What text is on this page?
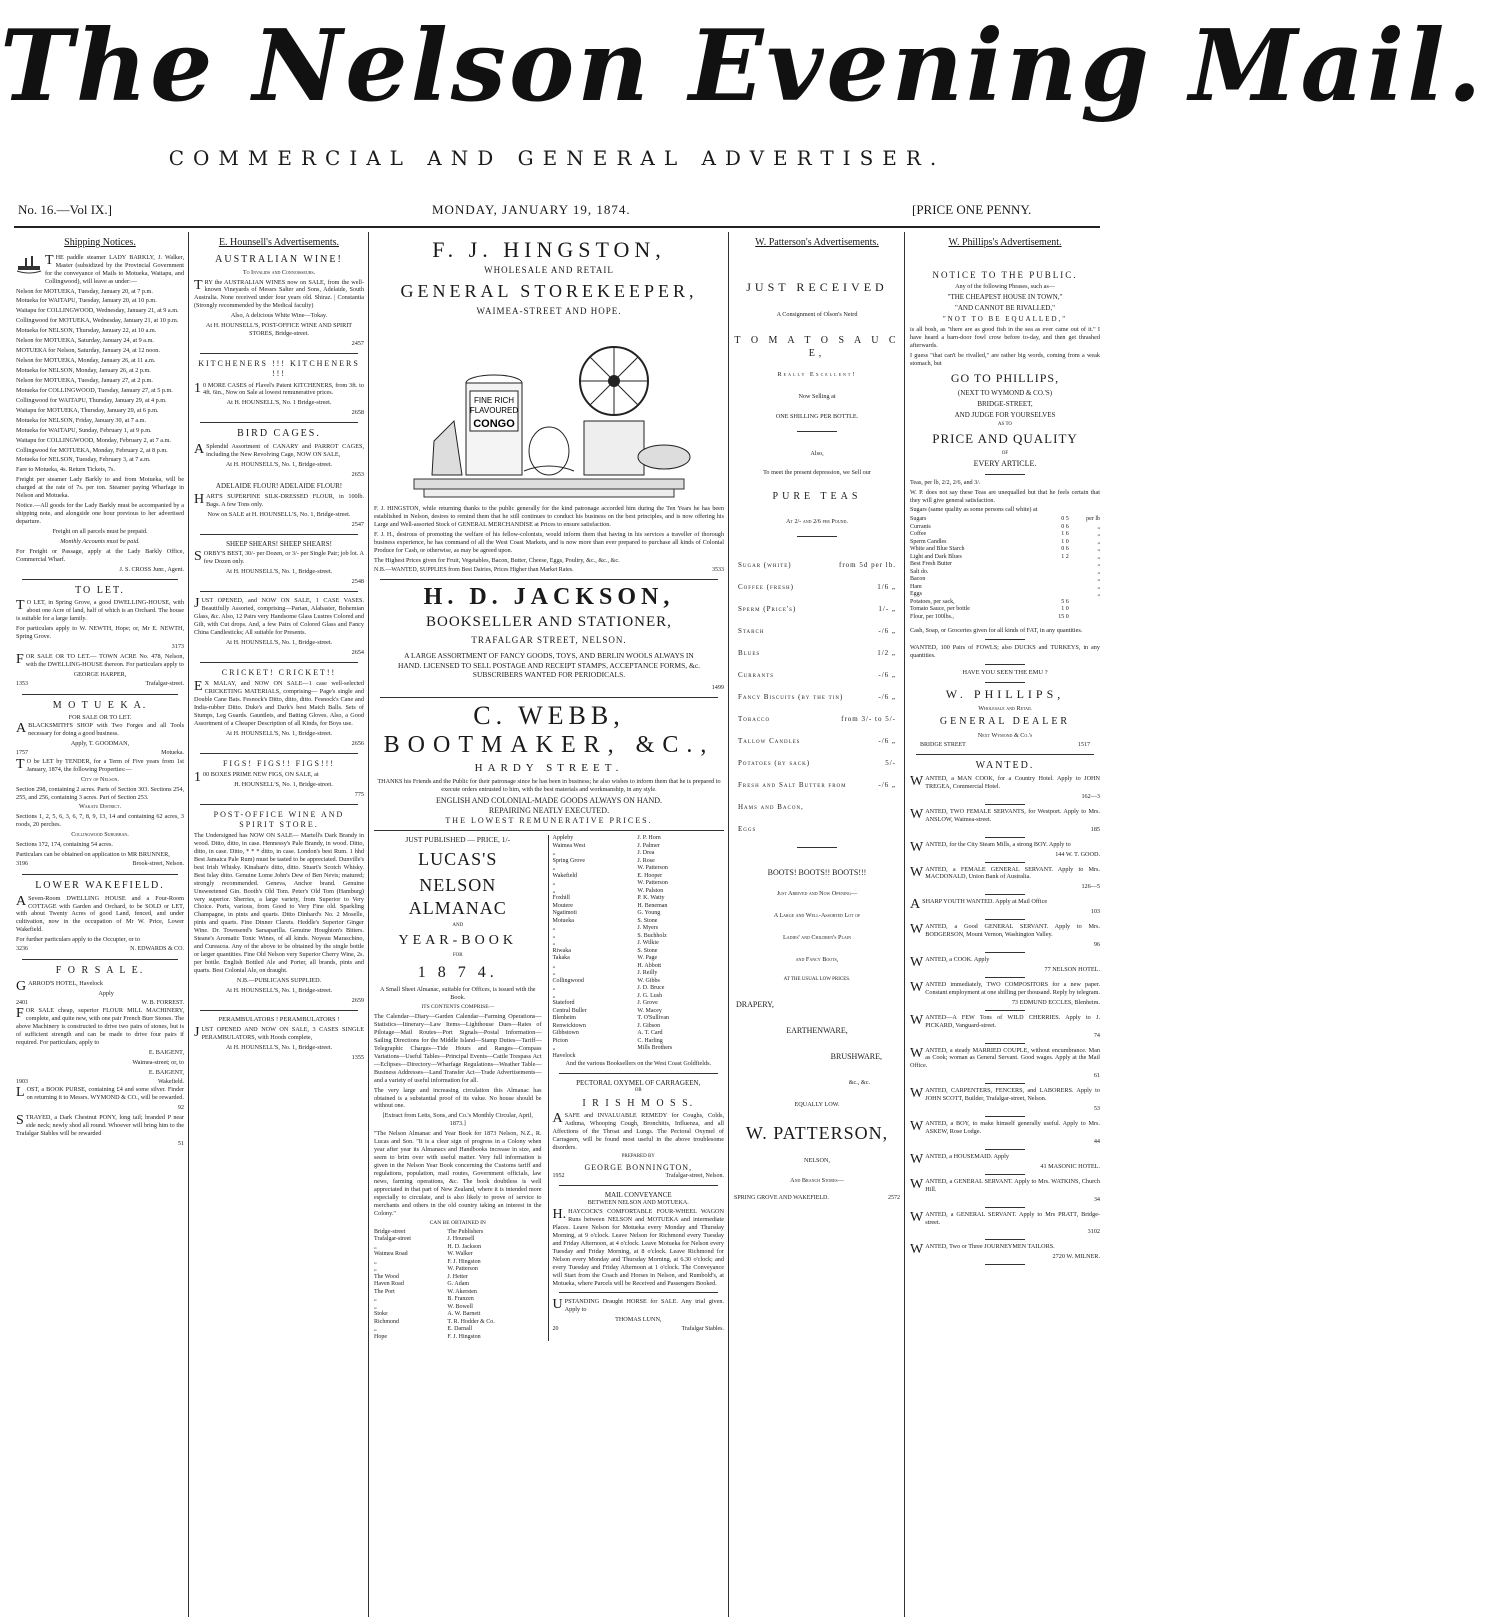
The Nelson Evening Mail.
COMMERCIAL AND GENERAL ADVERTISER.
No. 16.—Vol IX.]	MONDAY, JANUARY 19, 1874.	[PRICE ONE PENNY.
Shipping Notices.

THE paddle steamer LADY BARKLY, J. Walker, Master (subsidized by the Provincial Government for the conveyance of Mails to Motueka, Waitapu, and Collingwood), will leave as under:—

Nelson for MOTUEKA, Tuesday, January 20, at 7 p.m.

Motueka for WAITAPU, Tuesday, January 20, at 10 p.m.

Waitapu for COLLINGWOOD, Wednesday, January 21, at 9 a.m.

Collingwood for MOTUEKA, Wednesday, January 21, at 10 p.m.

Motueka for NELSON, Thursday, January 22, at 10 a.m.

Nelson for MOTUEKA, Saturday, January 24, at 9 a.m.

MOTUEKA for Nelson, Saturday, January 24, at 12 noon.

Nelson for MOTUEKA, Monday, January 26, at 11 a.m.

Motueka for NELSON, Monday, January 26, at 2 p.m.

Nelson for MOTUEKA, Tuesday, January 27, at 2 p.m.

Motueka for COLLINGWOOD, Tuesday, January 27, at 5 p.m.

Collingwood for WAITAPU, Thursday, January 29, at 4 p.m.

Waitapu for MOTUEKA, Thursday, January 29, at 6 p.m.

Motueka for NELSON, Friday, January 30, at 7 a.m.

Motueka for WAITAPU, Sunday, February 1, at 9 p.m.

Waitapu for COLLINGWOOD, Monday, February 2, at 7 a.m.

Collingwood for MOTUEKA, Monday, February 2, at 8 p.m.

Motueka for NELSON, Tuesday, February 3, at 7 a.m.

Fare to Motueka, 4s. Return Tickets, 7s.

Freight per steamer Lady Barkly to and from Motueka, will be charged at the rate of 7s. per ton. Steamer paying Wharfage in Nelson and Motueka.

Notice.—All goods for the Lady Barkly must be accompanied by a shipping note, and alongside one hour previous to her advertised departure.

Freight on all parcels must be prepaid.

Monthly Accounts must be paid.

For Freight or Passage, apply at the Lady Barkly Office, Commercial Wharf.

J. S. CROSS Junr., Agent.

TO LET.

TO LET, in Spring Grove, a good DWELLING-HOUSE, with about one Acre of land, half of which is an Orchard. The house is suitable for a large family.

For particulars apply to W. NEWTH, Hope; or, Mr E. NEWTH, Spring Grove.

3173

FOR SALE OR TO LET.— TOWN ACRE No. 478, Nelson, with the DWELLING-HOUSE thereon. For particulars apply to

GEORGE HARPER,

1353	Trafalgar-street.
M O T U E K A.
FOR SALE OR TO LET.

ABLACKSMITH'S SHOP with Two Forges and all Tools necessary for doing a good business.

Apply, T. GOODMAN,

1757	Motueka.

TO be LET by TENDER, for a Term of Five years from 1st January, 1874, the following Properties:—

City of Nelson.

Section 298, containing 2 acres. Parts of Section 303. Sections 254, 255, and 256, containing 3 acres. Part of Section 253.

Wakatu District.

Sections 1, 2, 5, 6, 3, 6, 7, 8, 9, 13, 14 and containing 62 acres, 3 roods, 20 perches.

Collingwood Suburban.

Sections 172, 174, containing 54 acres.

Particulars can be obtained on application to MR BRUNNER,

3196	Brook-street, Nelson.
LOWER WAKEFIELD.

ASeven-Room DWELLING HOUSE and a Four-Room COTTAGE with Garden and Orchard, to be SOLD or LET, with about Twenty Acres of good Land, fenced, and under cultivation, now in the occupation of Mr W. Price, Lower Wakefield.

For further particulars apply to the Occupier, or to

3236	N. EDWARDS & CO.
F O R S A L E.

GARROD'S HOTEL, Havelock

Apply

2401	W. B. FORREST.

FOR SALE cheap, superior FLOUR MILL MACHINERY, complete, and quite new, with one pair French Burr Stones. The above Machinery is constructed to drive two pairs of stones, but is of sufficient strength and can be made to drive four pairs if required. For particulars, apply to

E. BAIGENT,

Waimea-street; or, to

E. BAIGENT,

1903	Wakefield.

LOST, a BOOK PURSE, containing £4 and some silver. Finder on returning it to Messrs. WYMOND & CO., will be rewarded.

92

STRAYED, a Dark Chestnut PONY, long tail; branded P near side neck; newly shod all round. Whoever will bring him to the Trafalgar Stables will be rewarded

51

E. Hounsell's Advertisements.
AUSTRALIAN WINE!

To Invalids and Connoisseurs.

TRY the AUSTRALIAN WINES now on SALE, from the well-known Vineyards of Messrs Salter and Sons, Adelaide, South Australia. None received under four years old. Shiraz. | Constantia (Strongly recommended by the Medical faculty)

Also, A delicious White Wine—Tokay.

At H. HOUNSELL'S, POST-OFFICE WINE AND SPIRIT STORES, Bridge-street.

2457

KITCHENERS !!! KITCHENERS !!!

10 MORE CASES of Flavel's Patent KITCHENERS, from 3ft. to 4ft. 6in., Now on Sale at lowest remunerative prices.

At H. HOUNSELL'S, No. 1 Bridge-street.

2658

BIRD CAGES.

ASplendid Assortment of CANARY and PARROT CAGES, including the New Revolving Cage, NOW ON SALE,

At H. HOUNSELL'S, No. 1, Bridge-street.

2653

ADELAIDE FLOUR! ADELAIDE FLOUR!

HART'S SUPERFINE SILK-DRESSED FLOUR, in 100lb. Bags. A few Tons only.

Now on SALE at H. HOUNSELL'S, No. 1, Bridge-street.

2547

SHEEP SHEARS! SHEEP SHEARS!

SORBY'S BEST, 30/- per Dozen, or 3/- per Single Pair; job lot. A few Dozen only.

At H. HOUNSELL'S, No. 1, Bridge-street.

2548

JUST OPENED, and NOW ON SALE, 1 CASE VASES. Beautifully Assorted, comprising—Parian, Alabaster, Bohemian Glass, &c. Also, 12 Pairs very Handsome Glass Lustres Colored and Gilt, with Cut drops. And, a few Pairs of Colored Glass and Fancy China Candlesticks; All suitable for Presents.

At H. HOUNSELL'S, No. 1, Bridge-street.

2654

CRICKET! CRICKET!!

EX MALAY, and NOW ON SALE—1 case well-selected CRICKETING MATERIALS, comprising— Page's single and Double Cane Bats. Fesnock's Ditto, ditto, ditto. Fesnock's Cane and India-rubber Ditto. Duke's and Dark's best Match Balls. Sets of Stumps, Leg Guards. Gauntlets, and Batting Gloves. Also, a Good Assortment of a Cheaper Description of all Kinds, for Boys use.

At H. HOUNSELL'S, No. 1, Bridge-street.

2656

FIGS! FIGS!! FIGS!!!

100 BOXES PRIME NEW FIGS, ON SALE, at

H. HOUNSELL'S, No. 1, Bridge-street.

775

POST-OFFICE WINE AND SPIRIT STORE.

The Undersigned has NOW ON SALE— Martell's Dark Brandy in wood. Ditto, ditto, in case. Hennessy's Pale Brandy, in wood. Ditto, ditto, in case. Ditto, * * * ditto, in case. London's best Rum. 1 hhd Best Jamaica Pale Rum) must be tasted to be appreciated. Dunville's best Irish Whisky. Kinahan's ditto, ditto. Stuart's Scotch Whisky. Best Islay ditto. Genuine Lome John's Dew of Ben Nevis; matured; strongly recommended. Geneva, Anchor brand. Genuine Unsweetened Gin. Booth's Old Tom. Peter's Old Tom (Hamburg) very superior. Sherries, a large variety, from Superior to Very Choice. Ports, various, from Good to Very Fine old. Sparkling Champagne, in pints and quarts. Ditto Dinhard's No. 2 Moselle, pints and quarts. Fine Dinner Clarets. Heddle's Superior Ginger Wine. Dr. Townsend's Sarsaparilla. Genuine Houghton's Bitters. Steane's Aromatic Tonic Wines, of all kinds. Noyeau Maraschino, and Cureacoa. Any of the above to be obtained by the single bottle or larger quantities. Fine Old Nelson very Superior Cherry Wine, 2s. per bottle. English Bottled Ale and Porter, all brands, pints and quarts. Best Colonial Ale, on draught.

N.B.—PUBLICANS SUPPLIED.

At H. HOUNSELL'S, No. 1, Bridge-street.

2659

PERAMBULATORS ! PERAMBULATORS !

JUST OPENED AND NOW ON SALE, 3 CASES SINGLE PERAMBULATORS, with Hoods complete,

At H. HOUNSELL'S, No. 1, Bridge-street.

1355

F. J. HINGSTON,
WHOLESALE AND RETAIL
GENERAL STOREKEEPER,
WAIMEA-STREET AND HOPE.
FINE RICH
FLAVOURED
CONGO

F. J. HINGSTON, while returning thanks to the public generally for the kind patronage accorded him during the Ten Years he has been established in Nelson, desires to remind them that he still continues to conduct his business on the best principles, and is now offering his Large and Well-assorted Stock of GENERAL MERCHANDISE at Prices to ensure satisfaction.

F. J. H., desirous of promoting the welfare of his fellow-colonists, would inform them that having in his services a traveller of thorough business experience, he has command of all the West Coast Markets, and is now more than ever prepared to purchase all kinds of Colonial Produce for Cash, or otherwise, as may be agreed upon.

The Highest Prices given for Fruit, Vegetables, Bacon, Butter, Cheese, Eggs, Poultry, &c., &c., &c.

N.B.—WANTED, SUPPLIES from Best Dairies, Prices Higher than Market Rates.	3533
H. D. JACKSON,
BOOKSELLER AND STATIONER,
TRAFALGAR STREET, NELSON.

A LARGE ASSORTMENT OF FANCY GOODS, TOYS, AND BERLIN WOOLS ALWAYS IN HAND. LICENSED TO SELL POSTAGE AND RECEIPT STAMPS, ACCEPTANCE FORMS, &c. SUBSCRIBERS WANTED FOR PERIODICALS.

1499

C. WEBB,
BOOTMAKER, &C.,
HARDY STREET.

THANKS his Friends and the Public for their patronage since he has been in business; he also wishes to inform them that he is prepared to execute orders entrusted to him, with the best materials and workmanship, in any style.

ENGLISH AND COLONIAL-MADE GOODS ALWAYS ON HAND.
REPAIRING NEATLY EXECUTED.
THE LOWEST REMUNERATIVE PRICES.
JUST PUBLISHED — PRICE, 1/-
LUCAS'S
NELSON ALMANAC
AND
YEAR-BOOK
FOR
1 8 7 4.

A Small Sheet Almanac, suitable for Offices, is issued with the Book.

ITS CONTENTS COMPRISE—

The Calendar—Diary—Garden Calendar—Farming Operations—Statistics—Itinerary—Law Items—Lighthouse Dues—Rates of Pilotage—Mail Routes—Port Signals—Postal Information—Sailing Directions for the Middle Island—Stamp Duties—Tariff—Telegraphic Charges—Tide Hours and Ranges—Compass Variations—Useful Tables—Principal Events—Cattle Trespass Act—Eclipses—Directory—Wharfage Regulations—Weather Table—Business Addresses—Land Transfer Act—Trade Advertisements—and a variety of useful information for all.

The very large and increasing circulation this Almanac has obtained is a substantial proof of its value. No house should be without one.

[Extract from Letts, Sons, and Co.'s Monthly Circular, April, 1873.]

"The Nelson Almanac and Year Book for 1873 Nelson, N.Z., R. Lucas and Son. "It is a clear sign of progress in a Colony when year after year its Almanacs and Handbooks increase in size, and seem to brim over with useful matter. Very full information is given in the Nelson Year Book concerning the Customs tariff and regulations, population, mail routes, Government officials, law news, farming operations, &c. The book doubtless is well appreciated in that part of New Zealand, where it is intended more especially to circulate, and is also likely to prove of service to merchants and others in the old country taking an interest in the Colony."

CAN BE OBTAINED IN

Bridge-street	The Publishers
Trafalgar-street	J. Hounsell
„	H. D. Jackson
Waimea Road	W. Walker
„	F. J. Hingston
„	W. Patterson
The Wood	J. Hetter
Haven Road	G. Adam
The Port	W. Akersten
„	B. Franzen
„	W. Bowell
Stoke	A. W. Barnett
Richmond	T. R. Hodder & Co.
„	E. Darnall
Hope	F. J. Hingston
Appleby	J. P. Horn
Waimea West	J. Palmer
„	J. Drea
Spring Grove	J. Rose
„	W. Patterson
Wakefield	E. Hooper
„	W. Patterson
„	W. Palston
Foxhill	P. K. Watty
Moutere	H. Beneman
Ngatimoti	G. Young
Motueka	S. Stone
„	J. Myers
„	S. Buchholz
„	J. Wilkie
Riwaka	S. Stone
Takaka	W. Page
„	H. Abbott
„	J. Reilly
Collingwood	W. Gibbs
„	J. D. Bruce
„	J. G. Lush
Stateford	J. Grove
Central Buller	W. Macey
Blenheim	T. O'Sullivan
Renwicktown	J. Gibson
Gibbstown	A. T. Card
Picton	C. Harling
„	Mills Brothers
Havelock	

And the various Booksellers on the West Coast Goldfields.

PECTORAL OXYMEL OF CARRAGEEN,
OR
I R I S H M O S S.

ASAFE and INVALUABLE REMEDY for Coughs, Colds, Asthma, Whooping Cough, Bronchitis, Influenza, and all Affections of the Throat and Lungs. The Pectoral Oxymel of Carrageen, will be found most useful in the above troublesome disorders.

PREPARED BY

GEORGE BONNINGTON,
1952	Trafalgar-street, Nelson.
MAIL CONVEYANCE
BETWEEN NELSON AND MOTUEKA.

H.HAYCOCK'S COMFORTABLE FOUR-WHEEL WAGON Runs between NELSON and MOTUEKA and intermediate Places. Leave Nelson for Motueka every Monday and Thursday Morning, at 9 o'clock. Leave Nelson for Richmond every Tuesday and Friday Afternoon, at 4 o'clock. Leave Motueka for Nelson every Tuesday and Friday Morning, at 8 o'clock. Leave Richmond for Nelson every Monday and Thursday Morning, at 6.30 o'clock; and every Tuesday and Friday Afternoon at 1 o'clock. The Conveyance will Start from the Coach and Horses in Nelson, and Rumbold's, at Motueka, where Parcels will be Received and Passengers Booked.

UPSTANDING Draught HORSE for SALE. Any trial given. Apply to

THOMAS LUNN,

20	Trafalgar Stables.
W. Patterson's Advertisements.
JUST RECEIVED

A Consignment of Olson's Netrd

T O M A T O S A U C E,

Really Excellent!

Now Selling at

ONE SHILLING PER BOTTLE.

Also,

To meet the present depression, we Sell our

PURE TEAS

At 2/- and 2/6 per Pound.

Sugar (white)	from 5d per lb.
Coffee (fresh)	1/6 „
Sperm (Price's)	1/- „
Starch	-/6 „
Blues	1/2 „
Currants	-/6 „
Fancy Biscuits (by the tin)	-/6 „
Tobacco	from 3/- to 5/-
Tallow Candles	-/6 „
Potatoes (by sack)	5/-
Fresh and Salt Butter from	-/6 „
Hams and Bacon,
Eggs
BOOTS! BOOTS!! BOOTS!!!

Just Arrived and Now Opening—

A Large and Well-Assorted Lot of

Ladies' and Children's Plain

and Fancy Boots,

AT THE USUAL LOW PRICES.

DRAPERY,
EARTHENWARE,
BRUSHWARE,

&c., &c.

EQUALLY LOW.

W. PATTERSON,

NELSON,

And Branch Stores—

SPRING GROVE AND WAKEFIELD.	2572
W. Phillips's Advertisement.
NOTICE TO THE PUBLIC.

Any of the following Phrases, such as—

"THE CHEAPEST HOUSE IN TOWN,"

"AND CANNOT BE RIVALLED,"

"NOT TO BE EQUALLED,"

is all bosh, as "there are as good fish in the sea as ever came out of it." I have heard a barn-door fowl crow before to-day, and then get thrashed afterwards.

I guess "that can't be rivalled," are rather big words, coming from a weak stomach, but

GO TO PHILLIPS,

(NEXT TO WYMOND & CO.'S)

BRIDGE-STREET,

AND JUDGE FOR YOURSELVES

AS TO

PRICE AND QUALITY

OF

EVERY ARTICLE.

Teas, per lb, 2/2, 2/6, and 3/.

W. P. does not say these Teas are unequalled but that he feels certain that they will give general satisfaction.

Sugars (same quality as some persons call white) at

Sugars	0 5	per lb
Currants	0 6	„
Coffee	1 6	„
Sperm Candles	1 0	„
White and Blue Starch	0 6	„
Light and Dark Blues	1 2	„
Best Fresh Butter		„
Salt do.		„
Bacon		„
Ham		„
Eggs		„
Potatoes, per sack,	5 6	
Tomato Sauce, per bottle	1 0	
Flour, per 100lbs.,	15 0	

Cash, Soap, or Groceries given for all kinds of FAT, in any quantities.

WANTED, 100 Pairs of FOWLS; also DUCKS and TURKEYS, in any quantities.

HAVE YOU SEEN THE EMU ?

W. PHILLIPS,

Wholesale and Retail

GENERAL DEALER

Next Wymond & Co.'s

BRIDGE STREET	1517
WANTED.

WANTED, a MAN COOK, for a Country Hotel. Apply to JOHN TREGEA, Commercial Hotel.

162—3

WANTED, TWO FEMALE SERVANTS, for Westport. Apply to Mrs. ANSLOW, Waimea-street.

185

WANTED, for the City Steam Mills, a strong BOY. Apply to

144 W. T. GOOD.

WANTED, a FEMALE GENERAL SERVANT. Apply to Mrs. MACDONALD, Union Bank of Australia.

126—5

ASHARP YOUTH WANTED. Apply at Mail Office

103

WANTED, a Good GENERAL SERVANT. Apply to Mrs. BODGERSON, Mount Vernon, Washington Valley.

96

WANTED, a COOK. Apply

77 NELSON HOTEL.

WANTED immediately, TWO COMPOSITORS for a new paper. Constant employment at one shilling per thousand. Reply by telegram.

73 EDMUND ECCLES, Blenheim.

WANTED—A FEW Tons of WILD CHERRIES. Apply to J. PICKARD, Vanguard-street.

74

WANTED, a steady MARRIED COUPLE, without encumbrance. Man as Cook; woman as General Servant. Good wages. Apply at the Mail Office.

61

WANTED, CARPENTERS, FENCERS, and LABORERS. Apply to JOHN SCOTT, Builder, Trafalgar-street, Nelson.

53

WANTED, a BOY, to make himself generally useful. Apply to Mrs. ASKEW, Rose Lodge.

44

WANTED, a HOUSEMAID. Apply

41 MASONIC HOTEL.

WANTED, a GENERAL SERVANT. Apply to Mrs. WATKINS, Church Hill.

34

WANTED, a GENERAL SERVANT. Apply to Mrs PRATT, Bridge-street.

3102

WANTED, Two or Three JOURNEYMEN TAILORS.

2720 W. MILNER.
